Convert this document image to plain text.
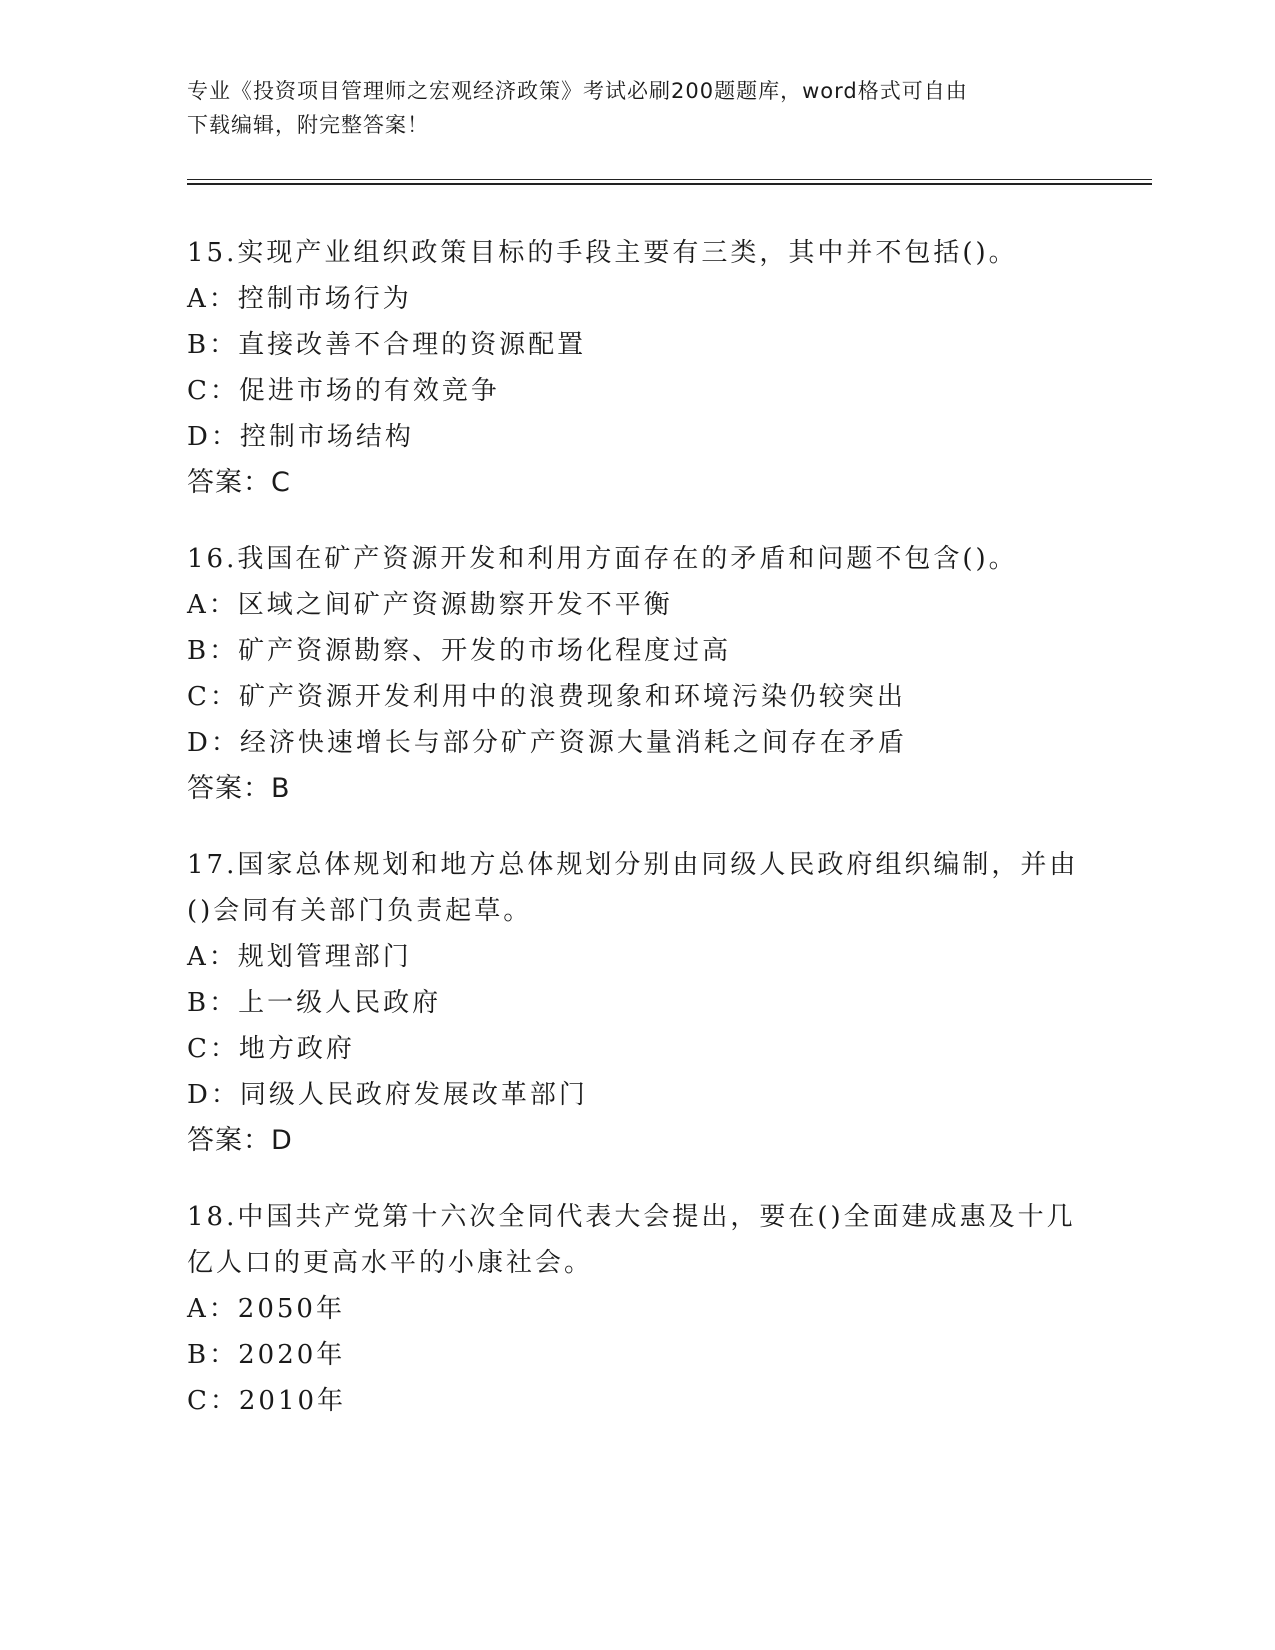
专业《投资项目管理师之宏观经济政策》考试必刷200题题库，word格式可自由
下载编辑，附完整答案！
15.实现产业组织政策目标的手段主要有三类，其中并不包括()。
A：控制市场行为
B：直接改善不合理的资源配置
C：促进市场的有效竞争
D：控制市场结构
答案：C
16.我国在矿产资源开发和利用方面存在的矛盾和问题不包含()。
A：区域之间矿产资源勘察开发不平衡
B：矿产资源勘察、开发的市场化程度过高
C：矿产资源开发利用中的浪费现象和环境污染仍较突出
D：经济快速增长与部分矿产资源大量消耗之间存在矛盾
答案：B
17.国家总体规划和地方总体规划分别由同级人民政府组织编制，并由
()会同有关部门负责起草。
A：规划管理部门
B：上一级人民政府
C：地方政府
D：同级人民政府发展改革部门
答案：D
18.中国共产党第十六次全同代表大会提出，要在()全面建成惠及十几
亿人口的更高水平的小康社会。
A：2050年
B：2020年
C：2010年
